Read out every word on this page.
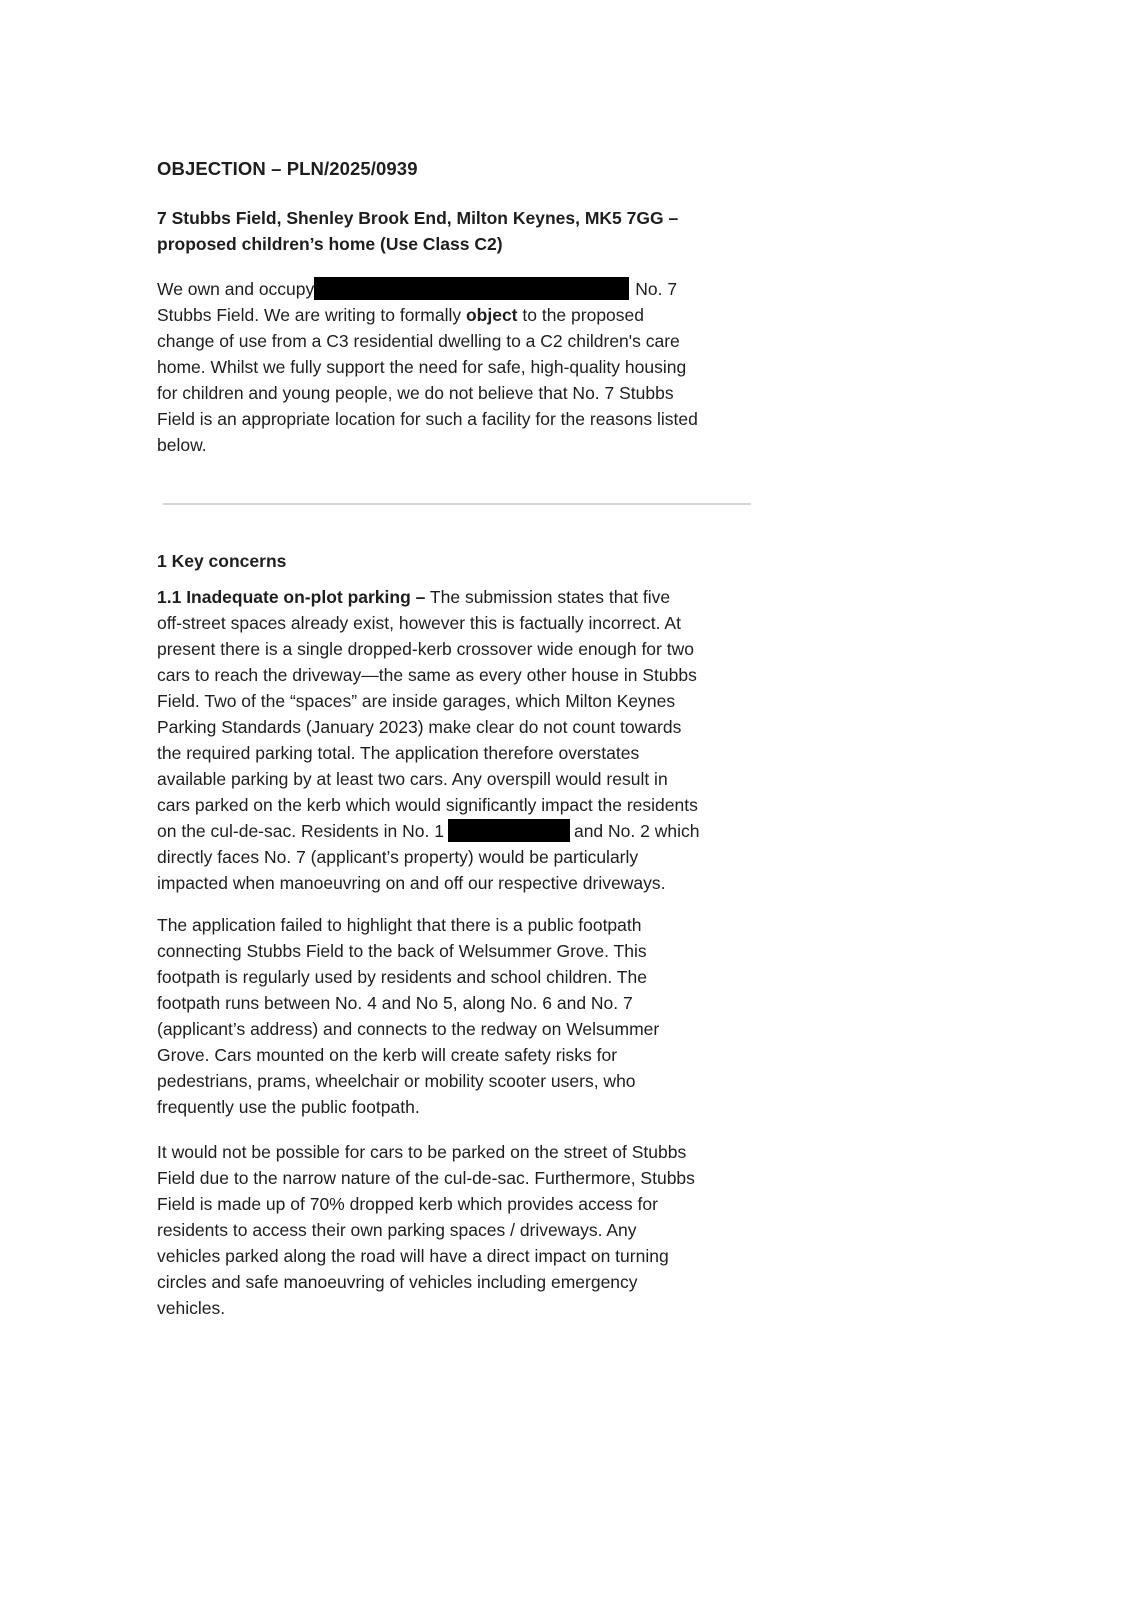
OBJECTION – PLN/2025/0939
7 Stubbs Field, Shenley Brook End, Milton Keynes, MK5 7GG –
proposed children’s home (Use Class C2)
We own and occupy	No. 7
Stubbs Field. We are writing to formally object to the proposed
change of use from a C3 residential dwelling to a C2 children's care
home. Whilst we fully support the need for safe, high-quality housing
for children and young people, we do not believe that No. 7 Stubbs
Field is an appropriate location for such a facility for the reasons listed
below.
1 Key concerns
1.1 Inadequate on-plot parking – The submission states that five
off-street spaces already exist, however this is factually incorrect. At
present there is a single dropped-kerb crossover wide enough for two
cars to reach the driveway—the same as every other house in Stubbs
Field. Two of the “spaces” are inside garages, which Milton Keynes
Parking Standards (January 2023) make clear do not count towards
the required parking total. The application therefore overstates
available parking by at least two cars. Any overspill would result in
cars parked on the kerb which would significantly impact the residents
on the cul-de-sac. Residents in No. 1	and No. 2 which
directly faces No. 7 (applicant’s property) would be particularly
impacted when manoeuvring on and off our respective driveways.
The application failed to highlight that there is a public footpath
connecting Stubbs Field to the back of Welsummer Grove. This
footpath is regularly used by residents and school children. The
footpath runs between No. 4 and No 5, along No. 6 and No. 7
(applicant’s address) and connects to the redway on Welsummer
Grove. Cars mounted on the kerb will create safety risks for
pedestrians, prams, wheelchair or mobility scooter users, who
frequently use the public footpath.
It would not be possible for cars to be parked on the street of Stubbs
Field due to the narrow nature of the cul-de-sac. Furthermore, Stubbs
Field is made up of 70% dropped kerb which provides access for
residents to access their own parking spaces / driveways. Any
vehicles parked along the road will have a direct impact on turning
circles and safe manoeuvring of vehicles including emergency
vehicles.
